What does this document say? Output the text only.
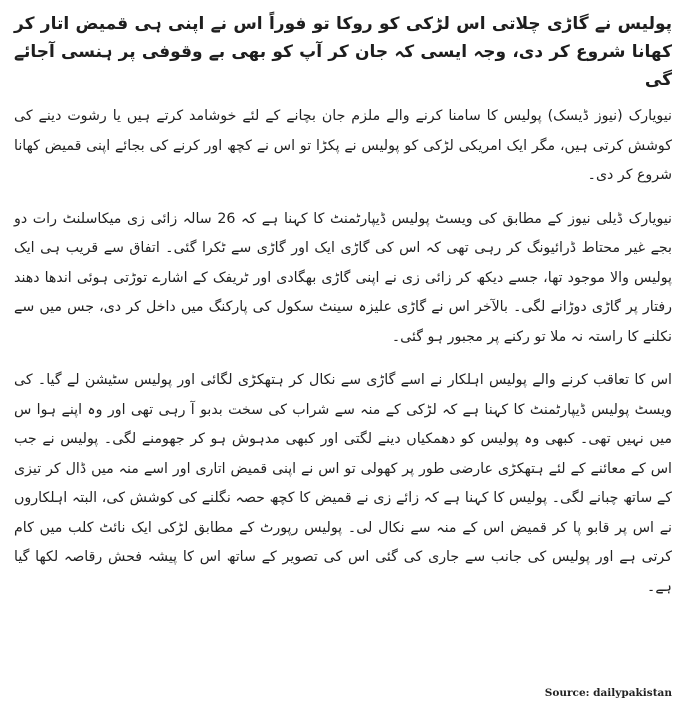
پولیس نے گاڑی چلاتی اس لڑکی کو روکا تو فوراً اس نے اپنی ہی قمیض اتار کر کھانا شروع کر دی، وجہ ایسی کہ جان کر آپ کو بھی بے وقوفی پر ہنسی آجائے گی

نیویارک (نیوز ڈیسک) پولیس کا سامنا کرنے والے ملزم جان بچانے کے لئے خوشامد کرتے ہیں یا رشوت دینے کی کوشش کرتی ہیں، مگر ایک امریکی لڑکی کو پولیس نے پکڑا تو اس نے کچھ اور کرنے کی بجائے اپنی قمیض کھانا شروع کر دی۔

نیویارک ڈیلی نیوز کے مطابق کی ویسٹ پولیس ڈیپارٹمنٹ کا کہنا ہے کہ 26 سالہ زائی زی میکاسلنٹ رات دو بجے غیر محتاط ڈرائیونگ کر رہی تھی کہ اس کی گاڑی ایک اور گاڑی سے ٹکرا گئی۔ اتفاق سے قریب ہی ایک پولیس والا موجود تھا، جسے دیکھ کر زائی زی نے اپنی گاڑی بھگادی اور ٹریفک کے اشارے توڑتی ہوئی اندھا دھند رفتار پر گاڑی دوڑانے لگی۔ بالآخر اس نے گاڑی علیزہ سینٹ سکول کی پارکنگ میں داخل کر دی، جس میں سے نکلنے کا راستہ نہ ملا تو رکنے پر مجبور ہو گئی۔

اس کا تعاقب کرنے والے پولیس اہلکار نے اسے گاڑی سے نکال کر ہتھکڑی لگائی اور پولیس سٹیشن لے گیا۔ کی ویسٹ پولیس ڈیپارٹمنٹ کا کہنا ہے کہ لڑکی کے منہ سے شراب کی سخت بدبو آ رہی تھی اور وہ اپنے ہوا س میں نہیں تھی۔ کبھی وہ پولیس کو دھمکیاں دینے لگتی اور کبھی مدہوش ہو کر جھومنے لگی۔ پولیس نے جب اس کے معائنے کے لئے ہتھکڑی عارضی طور پر کھولی تو اس نے اپنی قمیض اتاری اور اسے منہ میں ڈال کر تیزی کے ساتھ چبانے لگی۔ پولیس کا کہنا ہے کہ زائے زی نے قمیض کا کچھ حصہ نگلنے کی کوشش کی، البتہ اہلکاروں نے اس پر قابو پا کر قمیض اس کے منہ سے نکال لی۔ پولیس رپورٹ کے مطابق لڑکی ایک نائٹ کلب میں کام کرتی ہے اور پولیس کی جانب سے جاری کی گئی اس کی تصویر کے ساتھ اس کا پیشہ فحش رقاصہ لکھا گیا ہے۔

Source: dailypakistan
